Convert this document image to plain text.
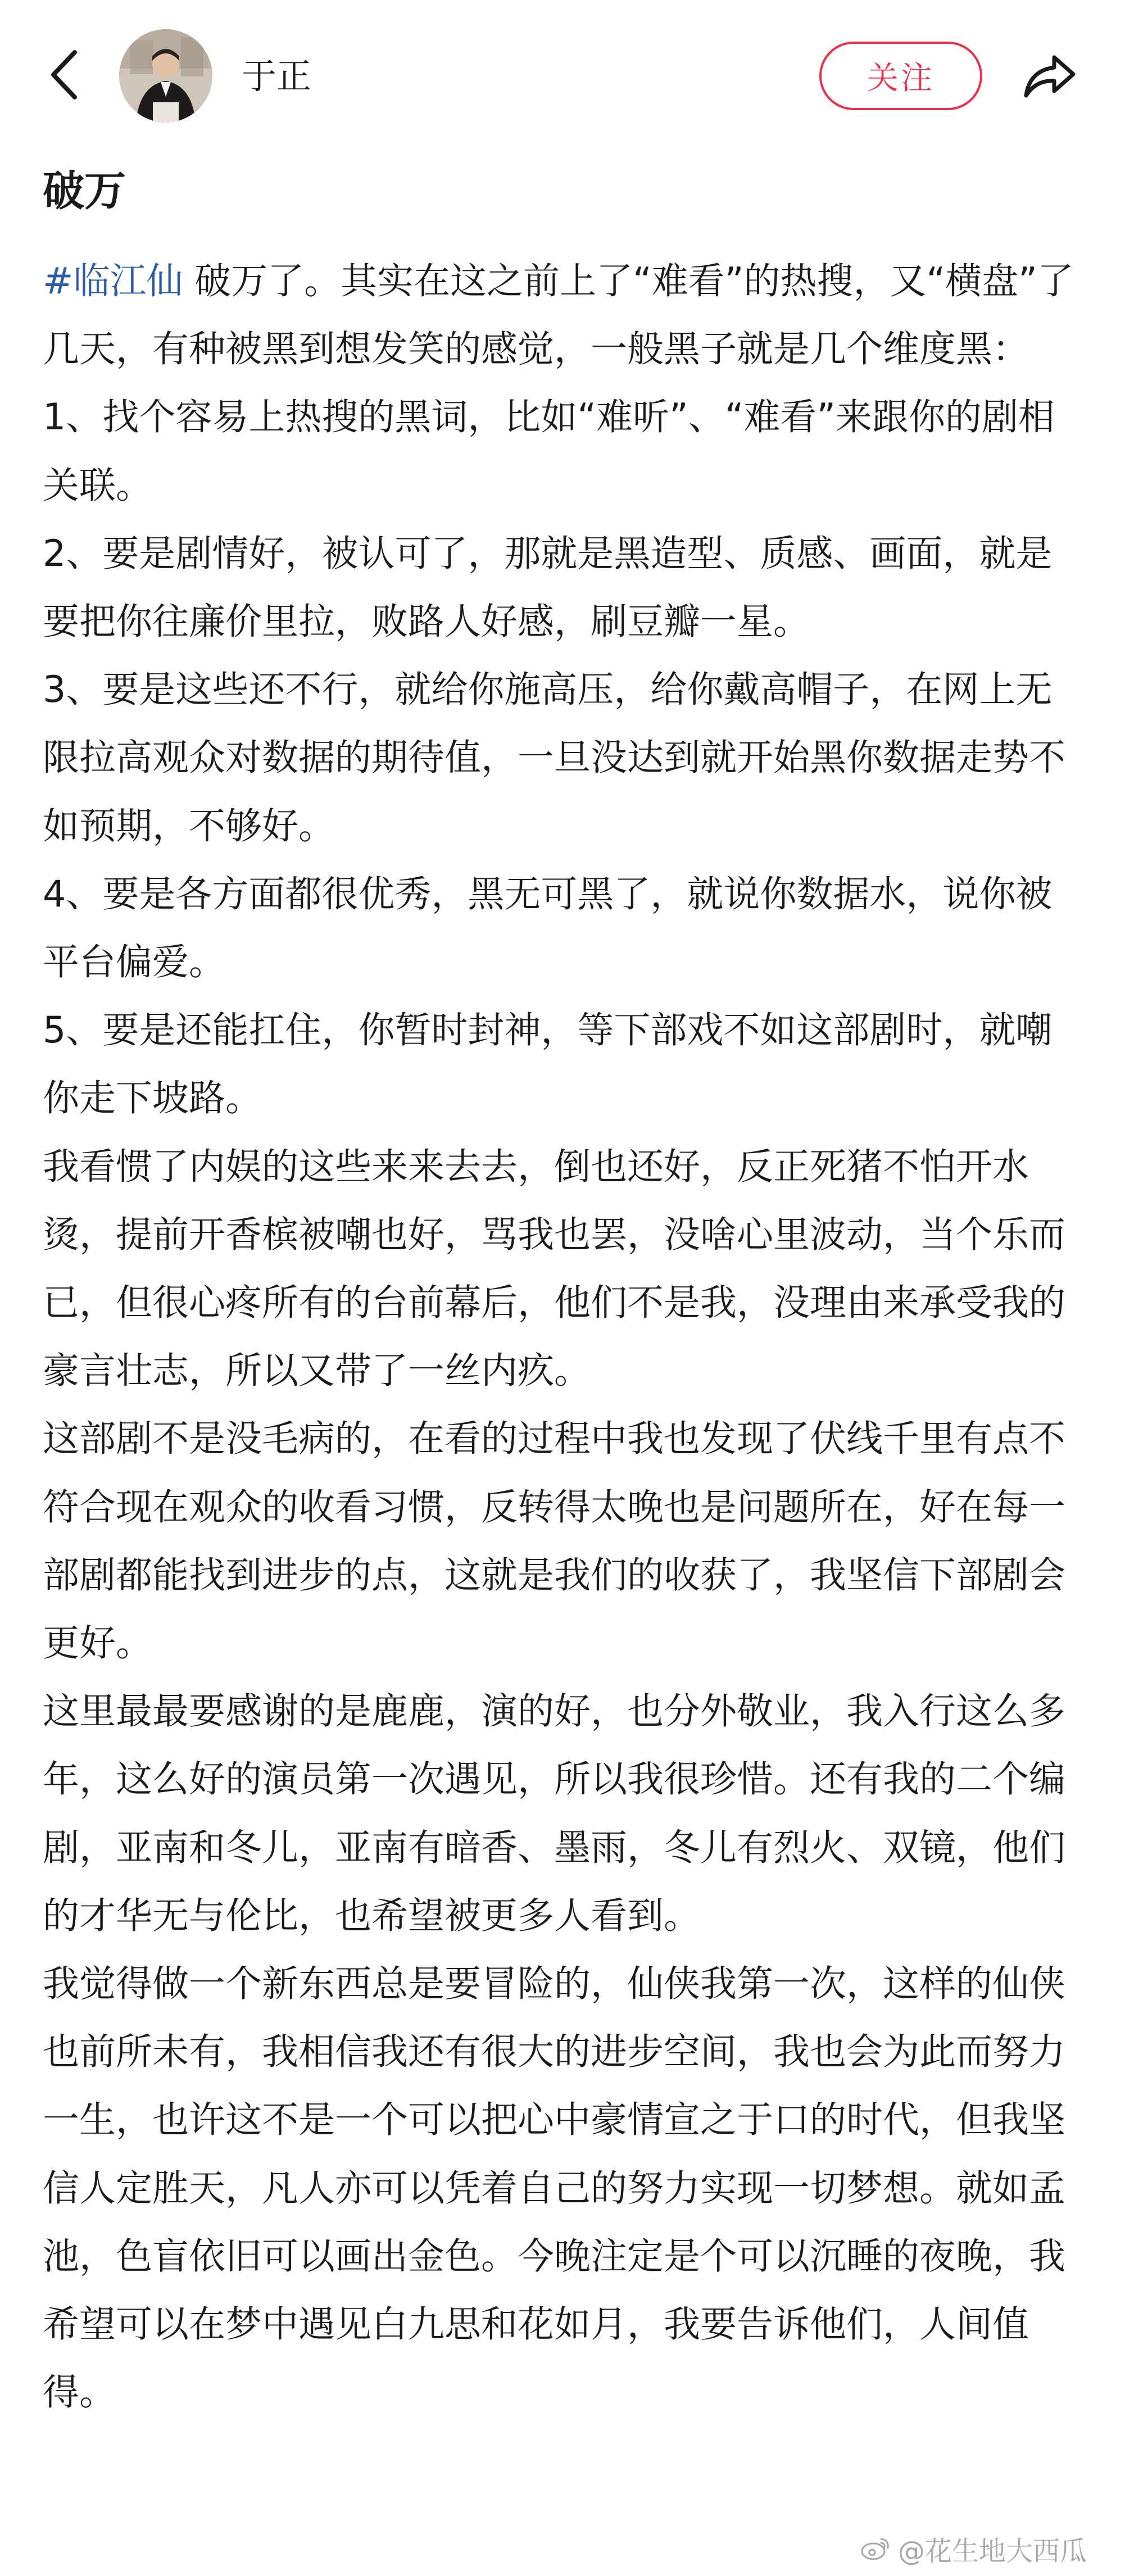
于正	关注
破万

#临江仙 破万了。其实在这之前上了“难看”的热搜，又“横盘”了几天，有种被黑到想发笑的感觉，一般黑子就是几个维度黑：

1、找个容易上热搜的黑词，比如“难听”、“难看”来跟你的剧相关联。

2、要是剧情好，被认可了，那就是黑造型、质感、画面，就是要把你往廉价里拉，败路人好感，刷豆瓣一星。

3、要是这些还不行，就给你施高压，给你戴高帽子，在网上无限拉高观众对数据的期待值，一旦没达到就开始黑你数据走势不如预期，不够好。

4、要是各方面都很优秀，黑无可黑了，就说你数据水，说你被平台偏爱。

5、要是还能扛住，你暂时封神，等下部戏不如这部剧时，就嘲你走下坡路。

我看惯了内娱的这些来来去去，倒也还好，反正死猪不怕开水烫，提前开香槟被嘲也好，骂我也罢，没啥心里波动，当个乐而已，但很心疼所有的台前幕后，他们不是我，没理由来承受我的豪言壮志，所以又带了一丝内疚。

这部剧不是没毛病的，在看的过程中我也发现了伏线千里有点不符合现在观众的收看习惯，反转得太晚也是问题所在，好在每一部剧都能找到进步的点，这就是我们的收获了，我坚信下部剧会更好。

这里最最要感谢的是鹿鹿，演的好，也分外敬业，我入行这么多年，这么好的演员第一次遇见，所以我很珍惜。还有我的二个编剧，亚南和冬儿，亚南有暗香、墨雨，冬儿有烈火、双镜，他们的才华无与伦比，也希望被更多人看到。

我觉得做一个新东西总是要冒险的，仙侠我第一次，这样的仙侠也前所未有，我相信我还有很大的进步空间，我也会为此而努力一生，也许这不是一个可以把心中豪情宣之于口的时代，但我坚信人定胜天，凡人亦可以凭着自己的努力实现一切梦想。就如孟池，色盲依旧可以画出金色。今晚注定是个可以沉睡的夜晚，我希望可以在梦中遇见白九思和花如月，我要告诉他们，人间值得。

@花生地大西瓜
